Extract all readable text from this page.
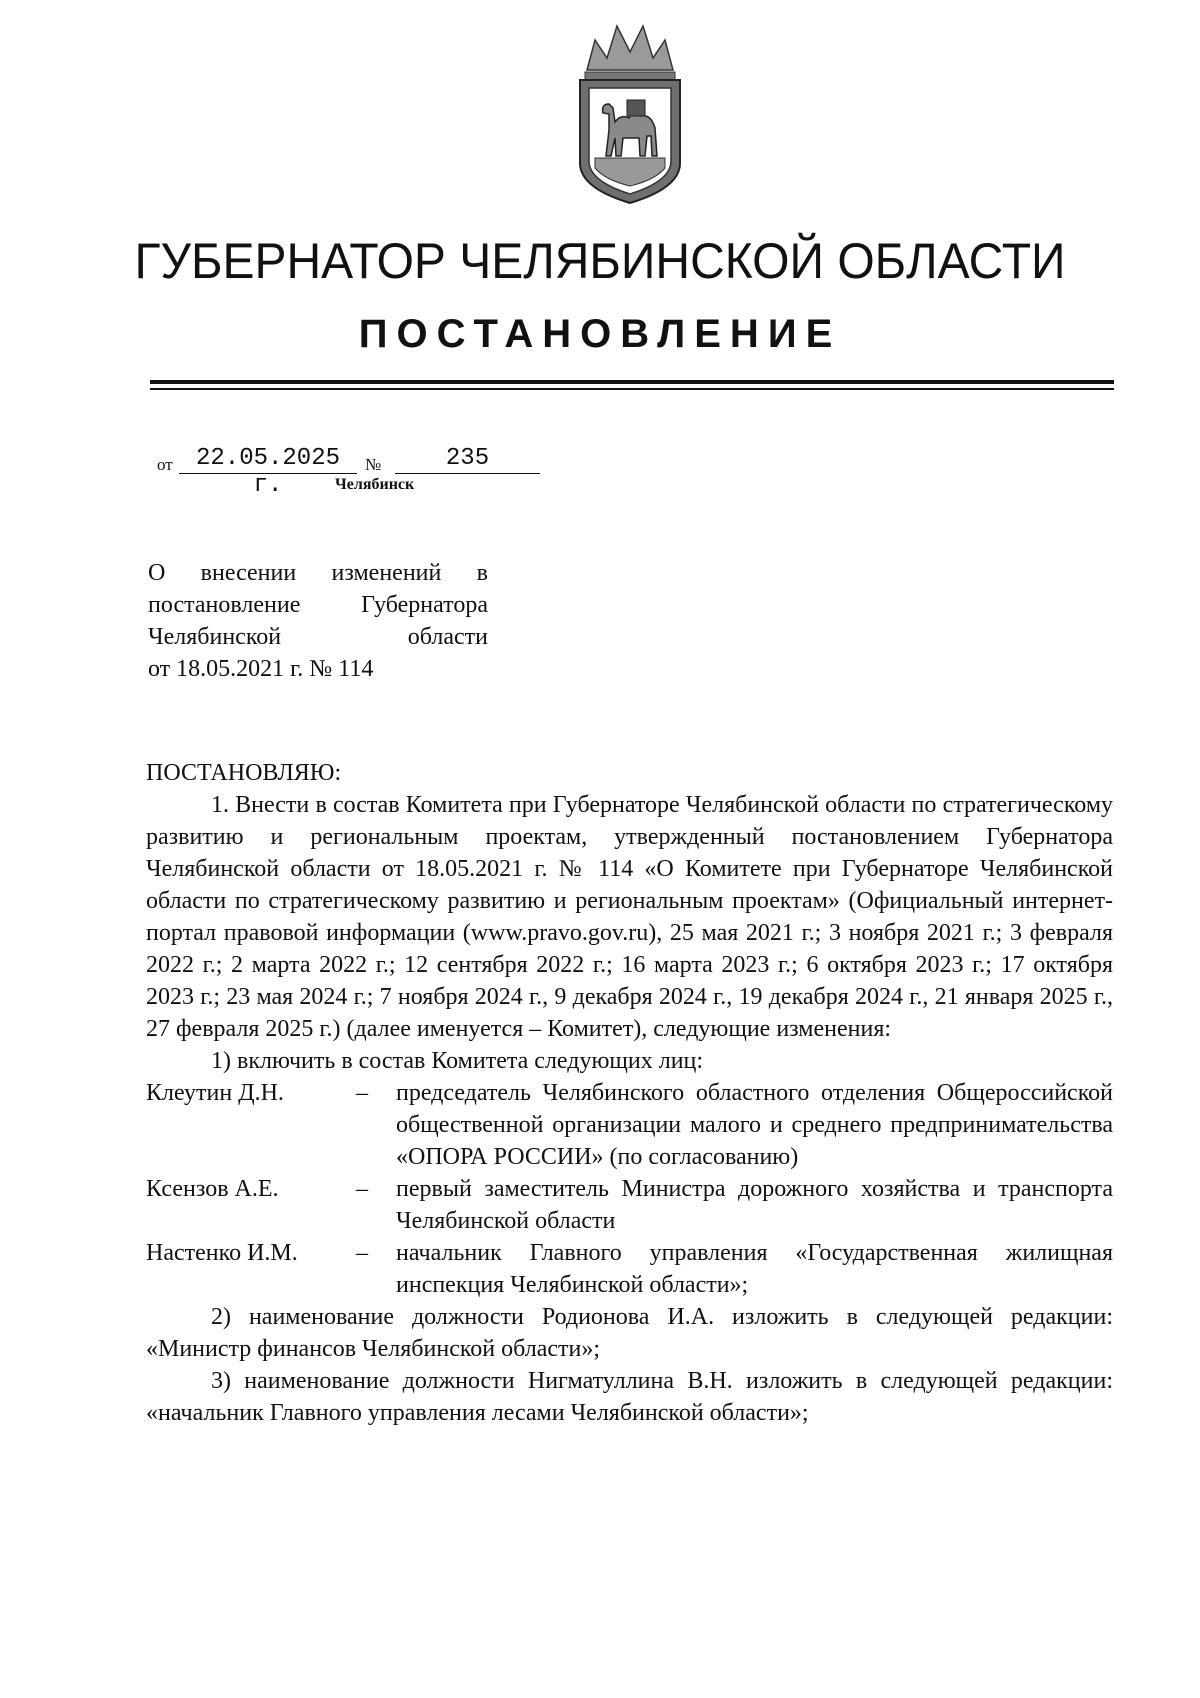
ГУБЕРНАТОР ЧЕЛЯБИНСКОЙ ОБЛАСТИ
ПОСТАНОВЛЕНИЕ
от 22.05.2025 г.
№	235
Челябинск
О внесении изменений в
постановление Губернатора
Челябинской области
от 18.05.2021 г. № 114

ПОСТАНОВЛЯЮ:

1. Внести в состав Комитета при Губернаторе Челябинской области по стратегическому развитию и региональным проектам, утвержденный постановлением Губернатора Челябинской области от 18.05.2021 г. № 114 «О Комитете при Губернаторе Челябинской области по стратегическому развитию и региональным проектам» (Официальный интернет-портал правовой информации (www.pravo.gov.ru), 25 мая 2021 г.; 3 ноября 2021 г.; 3 февраля 2022 г.; 2 марта 2022 г.; 12 сентября 2022 г.; 16 марта 2023 г.; 6 октября 2023 г.; 17 октября 2023 г.; 23 мая 2024 г.; 7 ноября 2024 г., 9 декабря 2024 г., 19 декабря 2024 г., 21 января 2025 г., 27 февраля 2025 г.) (далее именуется – Комитет), следующие изменения:

1) включить в состав Комитета следующих лиц:

Клеутин Д.Н.	–	председатель Челябинского областного отделения Общероссийской общественной организации малого и среднего предпринимательства «ОПОРА РОССИИ» (по согласованию)
Ксензов А.Е.	–	первый заместитель Министра дорожного хозяйства и транспорта Челябинской области
Настенко И.М.	–	начальник Главного управления «Государственная жилищная инспекция Челябинской области»;

2) наименование должности Родионова И.А. изложить в следующей редакции: «Министр финансов Челябинской области»;

3) наименование должности Нигматуллина В.Н. изложить в следующей редакции: «начальник Главного управления лесами Челябинской области»;
